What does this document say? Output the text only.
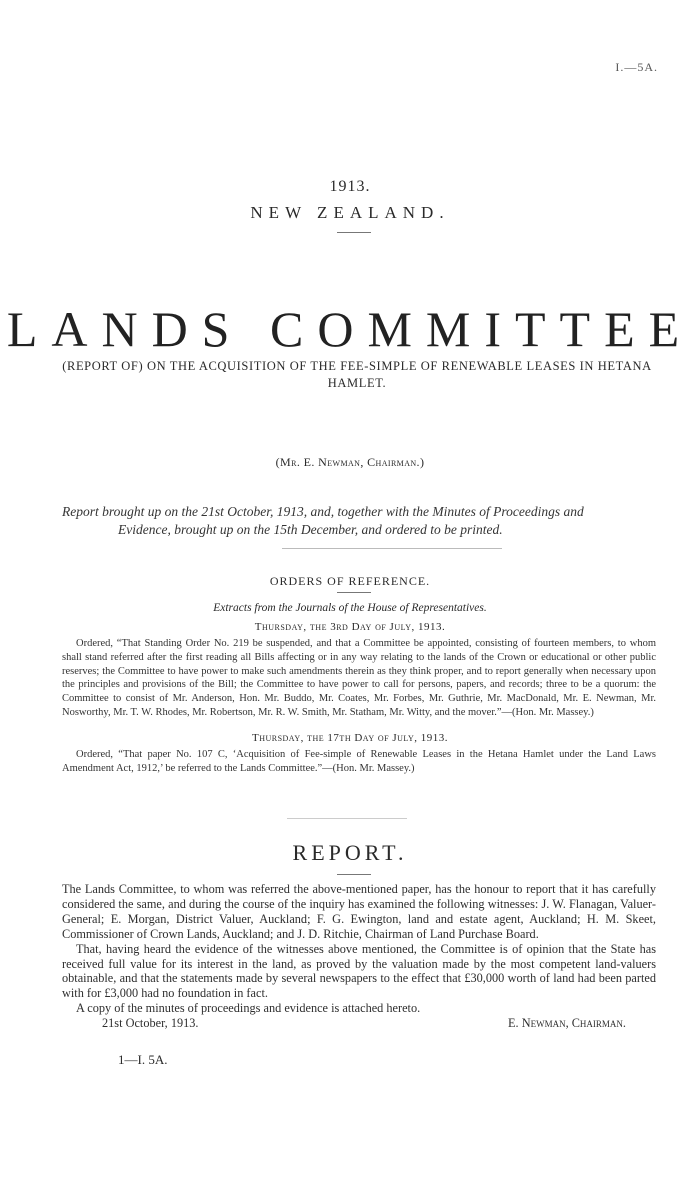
I.—5A.
1913.
NEW ZEALAND.
LANDS COMMITTEE
(REPORT OF) ON THE ACQUISITION OF THE FEE-SIMPLE OF RENEWABLE LEASES IN HETANA HAMLET.
(Mr. E. Newman, Chairman.)
Report brought up on the 21st October, 1913, and, together with the Minutes of Proceedings and
Evidence, brought up on the 15th December, and ordered to be printed.
ORDERS OF REFERENCE.
Extracts from the Journals of the House of Representatives.
Thursday, the 3rd Day of July, 1913.

Ordered, “That Standing Order No. 219 be suspended, and that a Committee be appointed, consisting of fourteen members, to whom shall stand referred after the first reading all Bills affecting or in any way relating to the lands of the Crown or educational or other public reserves; the Committee to have power to make such amendments therein as they think proper, and to report generally when necessary upon the principles and provisions of the Bill; the Committee to have power to call for persons, papers, and records; three to be a quorum: the Committee to consist of Mr. Anderson, Hon. Mr. Buddo, Mr. Coates, Mr. Forbes, Mr. Guthrie, Mr. MacDonald, Mr. E. Newman, Mr. Nosworthy, Mr. T. W. Rhodes, Mr. Robertson, Mr. R. W. Smith, Mr. Statham, Mr. Witty, and the mover.”—(Hon. Mr. Massey.)

Thursday, the 17th Day of July, 1913.

Ordered, “That paper No. 107 C, ‘Acquisition of Fee-simple of Renewable Leases in the Hetana Hamlet under the Land Laws Amendment Act, 1912,’ be referred to the Lands Committee.”—(Hon. Mr. Massey.)

REPORT.

The Lands Committee, to whom was referred the above-mentioned paper, has the honour to report that it has carefully considered the same, and during the course of the inquiry has examined the following witnesses: J. W. Flanagan, Valuer-General; E. Morgan, District Valuer, Auckland; F. G. Ewington, land and estate agent, Auckland; H. M. Skeet, Commissioner of Crown Lands, Auckland; and J. D. Ritchie, Chairman of Land Purchase Board.

That, having heard the evidence of the witnesses above mentioned, the Committee is of opinion that the State has received full value for its interest in the land, as proved by the valuation made by the most competent land-valuers obtainable, and that the statements made by several newspapers to the effect that £30,000 worth of land had been parted with for £3,000 had no foundation in fact.

A copy of the minutes of proceedings and evidence is attached hereto.

21st October, 1913.	E. Newman, Chairman.
1—I. 5A.
